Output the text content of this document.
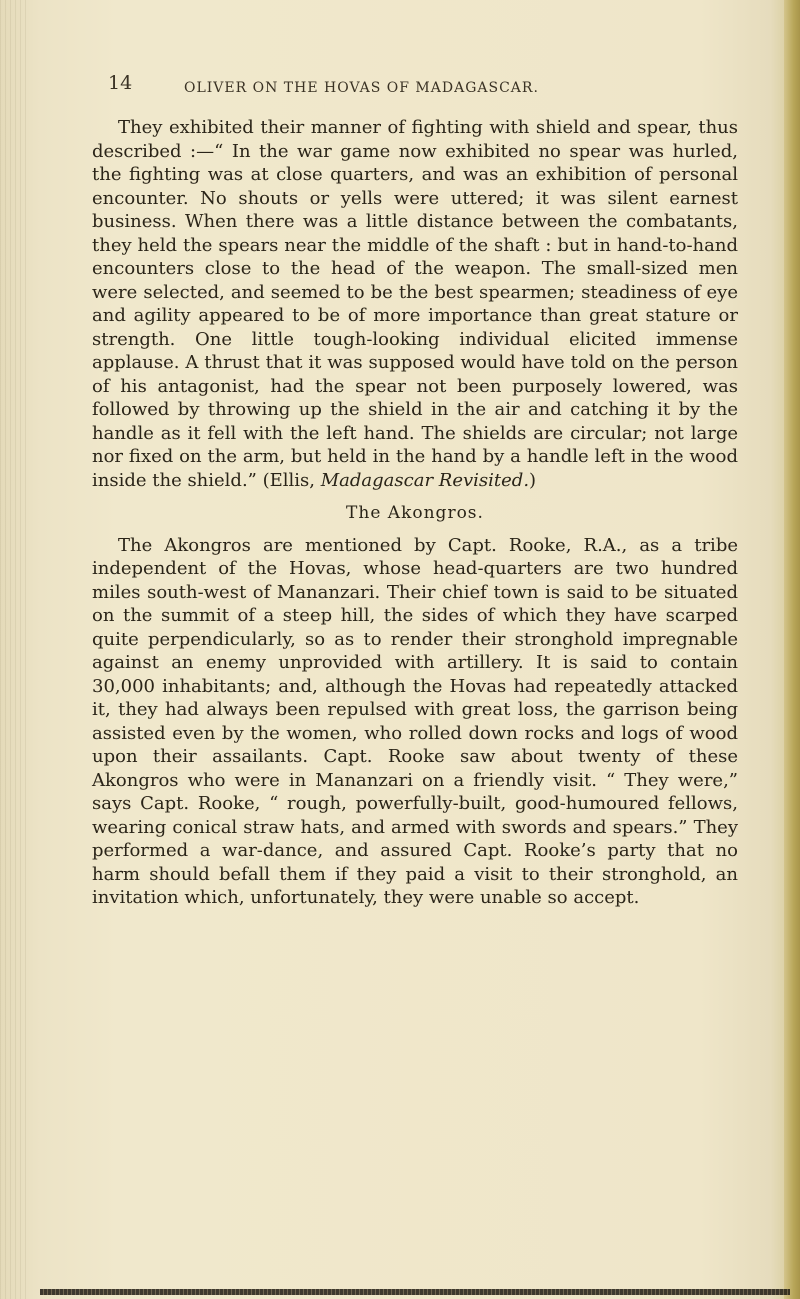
14	OLIVER ON THE HOVAS OF MADAGASCAR.

They exhibited their manner of fighting with shield and spear, thus described :—“ In the war game now exhibited no spear was hurled, the fighting was at close quarters, and was an exhibition of personal encounter. No shouts or yells were uttered; it was silent earnest business. When there was a little distance between the combatants, they held the spears near the middle of the shaft : but in hand-to-hand encounters close to the head of the weapon. The small-sized men were selected, and seemed to be the best spearmen; steadiness of eye and agility appeared to be of more importance than great stature or strength. One little tough-looking individual elicited immense applause. A thrust that it was supposed would have told on the person of his antagonist, had the spear not been purposely lowered, was followed by throwing up the shield in the air and catching it by the handle as it fell with the left hand. The shields are circular; not large nor fixed on the arm, but held in the hand by a handle left in the wood inside the shield.” (Ellis, Madagascar Revisited.)

The Akongros.

The Akongros are mentioned by Capt. Rooke, R.A., as a tribe independent of the Hovas, whose head-quarters are two hundred miles south-west of Mananzari. Their chief town is said to be situated on the summit of a steep hill, the sides of which they have scarped quite perpendicularly, so as to render their stronghold impregnable against an enemy unprovided with artillery. It is said to contain 30,000 inhabitants; and, although the Hovas had repeatedly attacked it, they had always been repulsed with great loss, the garrison being assisted even by the women, who rolled down rocks and logs of wood upon their assailants. Capt. Rooke saw about twenty of these Akongros who were in Mananzari on a friendly visit. “ They were,” says Capt. Rooke, “ rough, powerfully-built, good-humoured fellows, wearing conical straw hats, and armed with swords and spears.” They performed a war-dance, and assured Capt. Rooke’s party that no harm should befall them if they paid a visit to their stronghold, an invitation which, unfortunately, they were unable so accept.
